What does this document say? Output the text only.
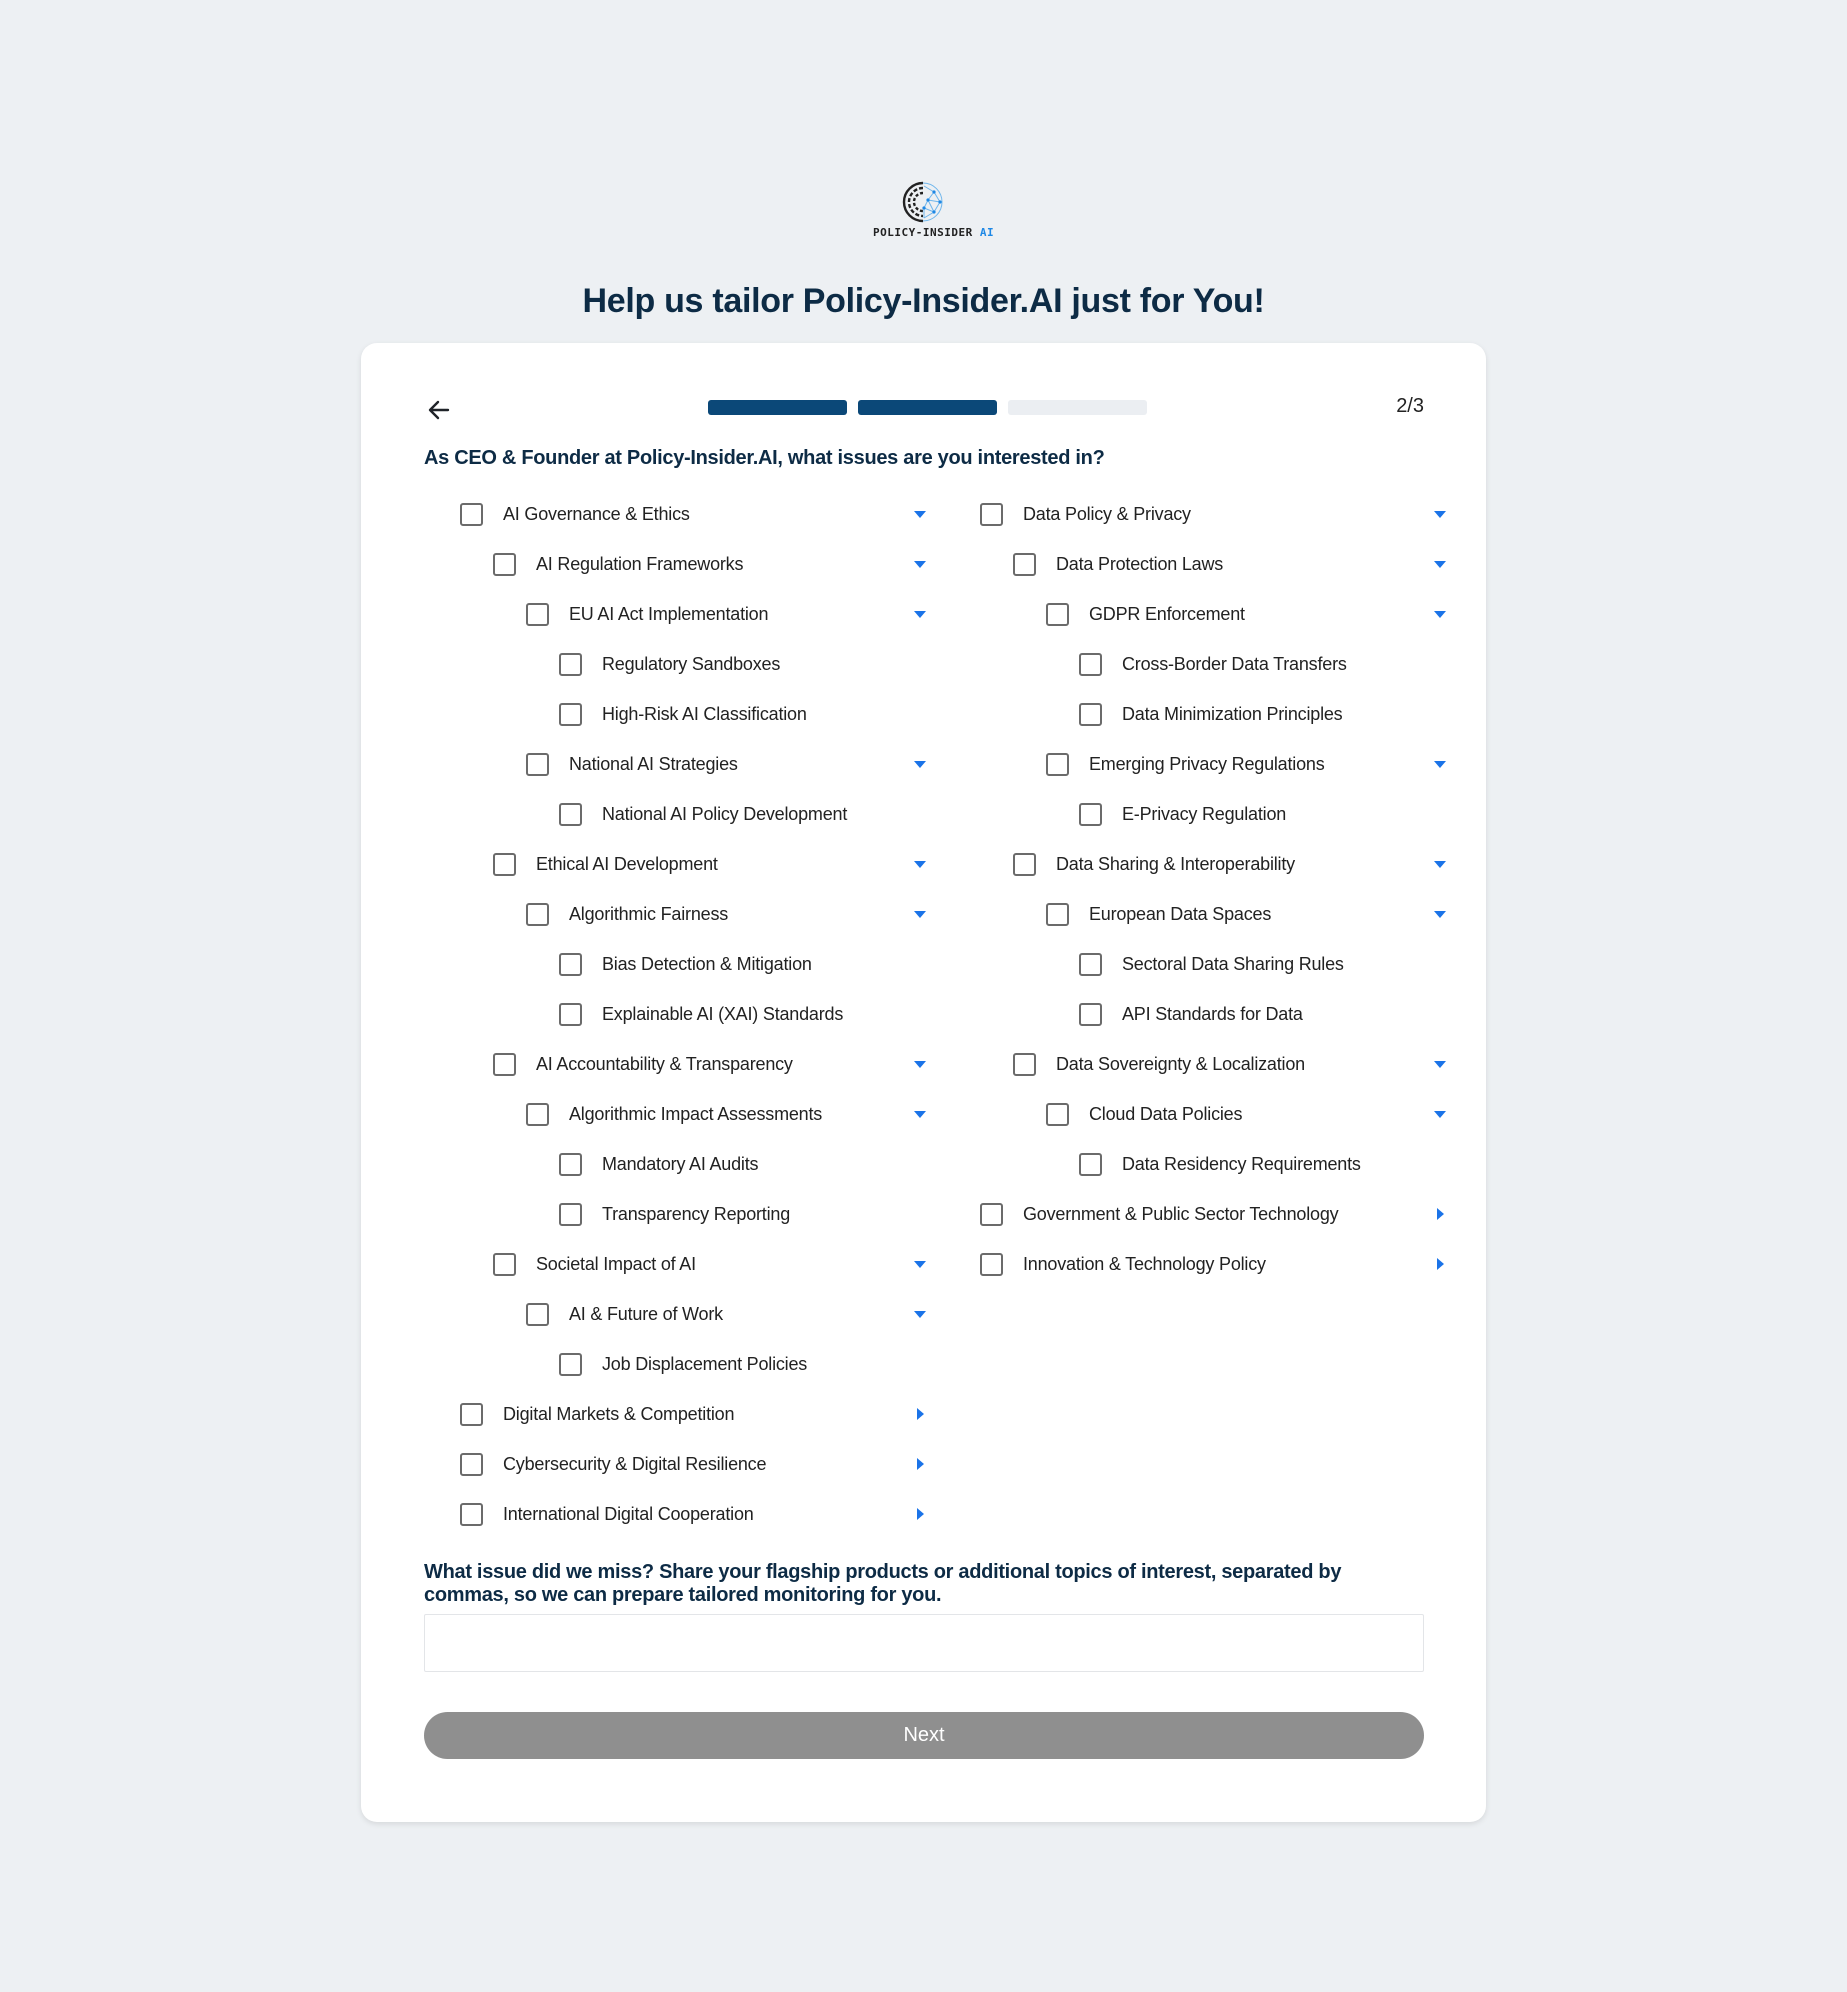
POLICY-INSIDER AI
Help us tailor Policy-Insider.AI just for You!
2/3
As CEO & Founder at Policy-Insider.AI, what issues are you interested in?
AI Governance & Ethics
AI Regulation Frameworks
EU AI Act Implementation
Regulatory Sandboxes
High-Risk AI Classification
National AI Strategies
National AI Policy Development
Ethical AI Development
Algorithmic Fairness
Bias Detection & Mitigation
Explainable AI (XAI) Standards
AI Accountability & Transparency
Algorithmic Impact Assessments
Mandatory AI Audits
Transparency Reporting
Societal Impact of AI
AI & Future of Work
Job Displacement Policies
Digital Markets & Competition
Cybersecurity & Digital Resilience
International Digital Cooperation
Data Policy & Privacy
Data Protection Laws
GDPR Enforcement
Cross-Border Data Transfers
Data Minimization Principles
Emerging Privacy Regulations
E-Privacy Regulation
Data Sharing & Interoperability
European Data Spaces
Sectoral Data Sharing Rules
API Standards for Data
Data Sovereignty & Localization
Cloud Data Policies
Data Residency Requirements
Government & Public Sector Technology
Innovation & Technology Policy
What issue did we miss? Share your flagship products or additional topics of interest, separated by commas, so we can prepare tailored monitoring for you.
Next
